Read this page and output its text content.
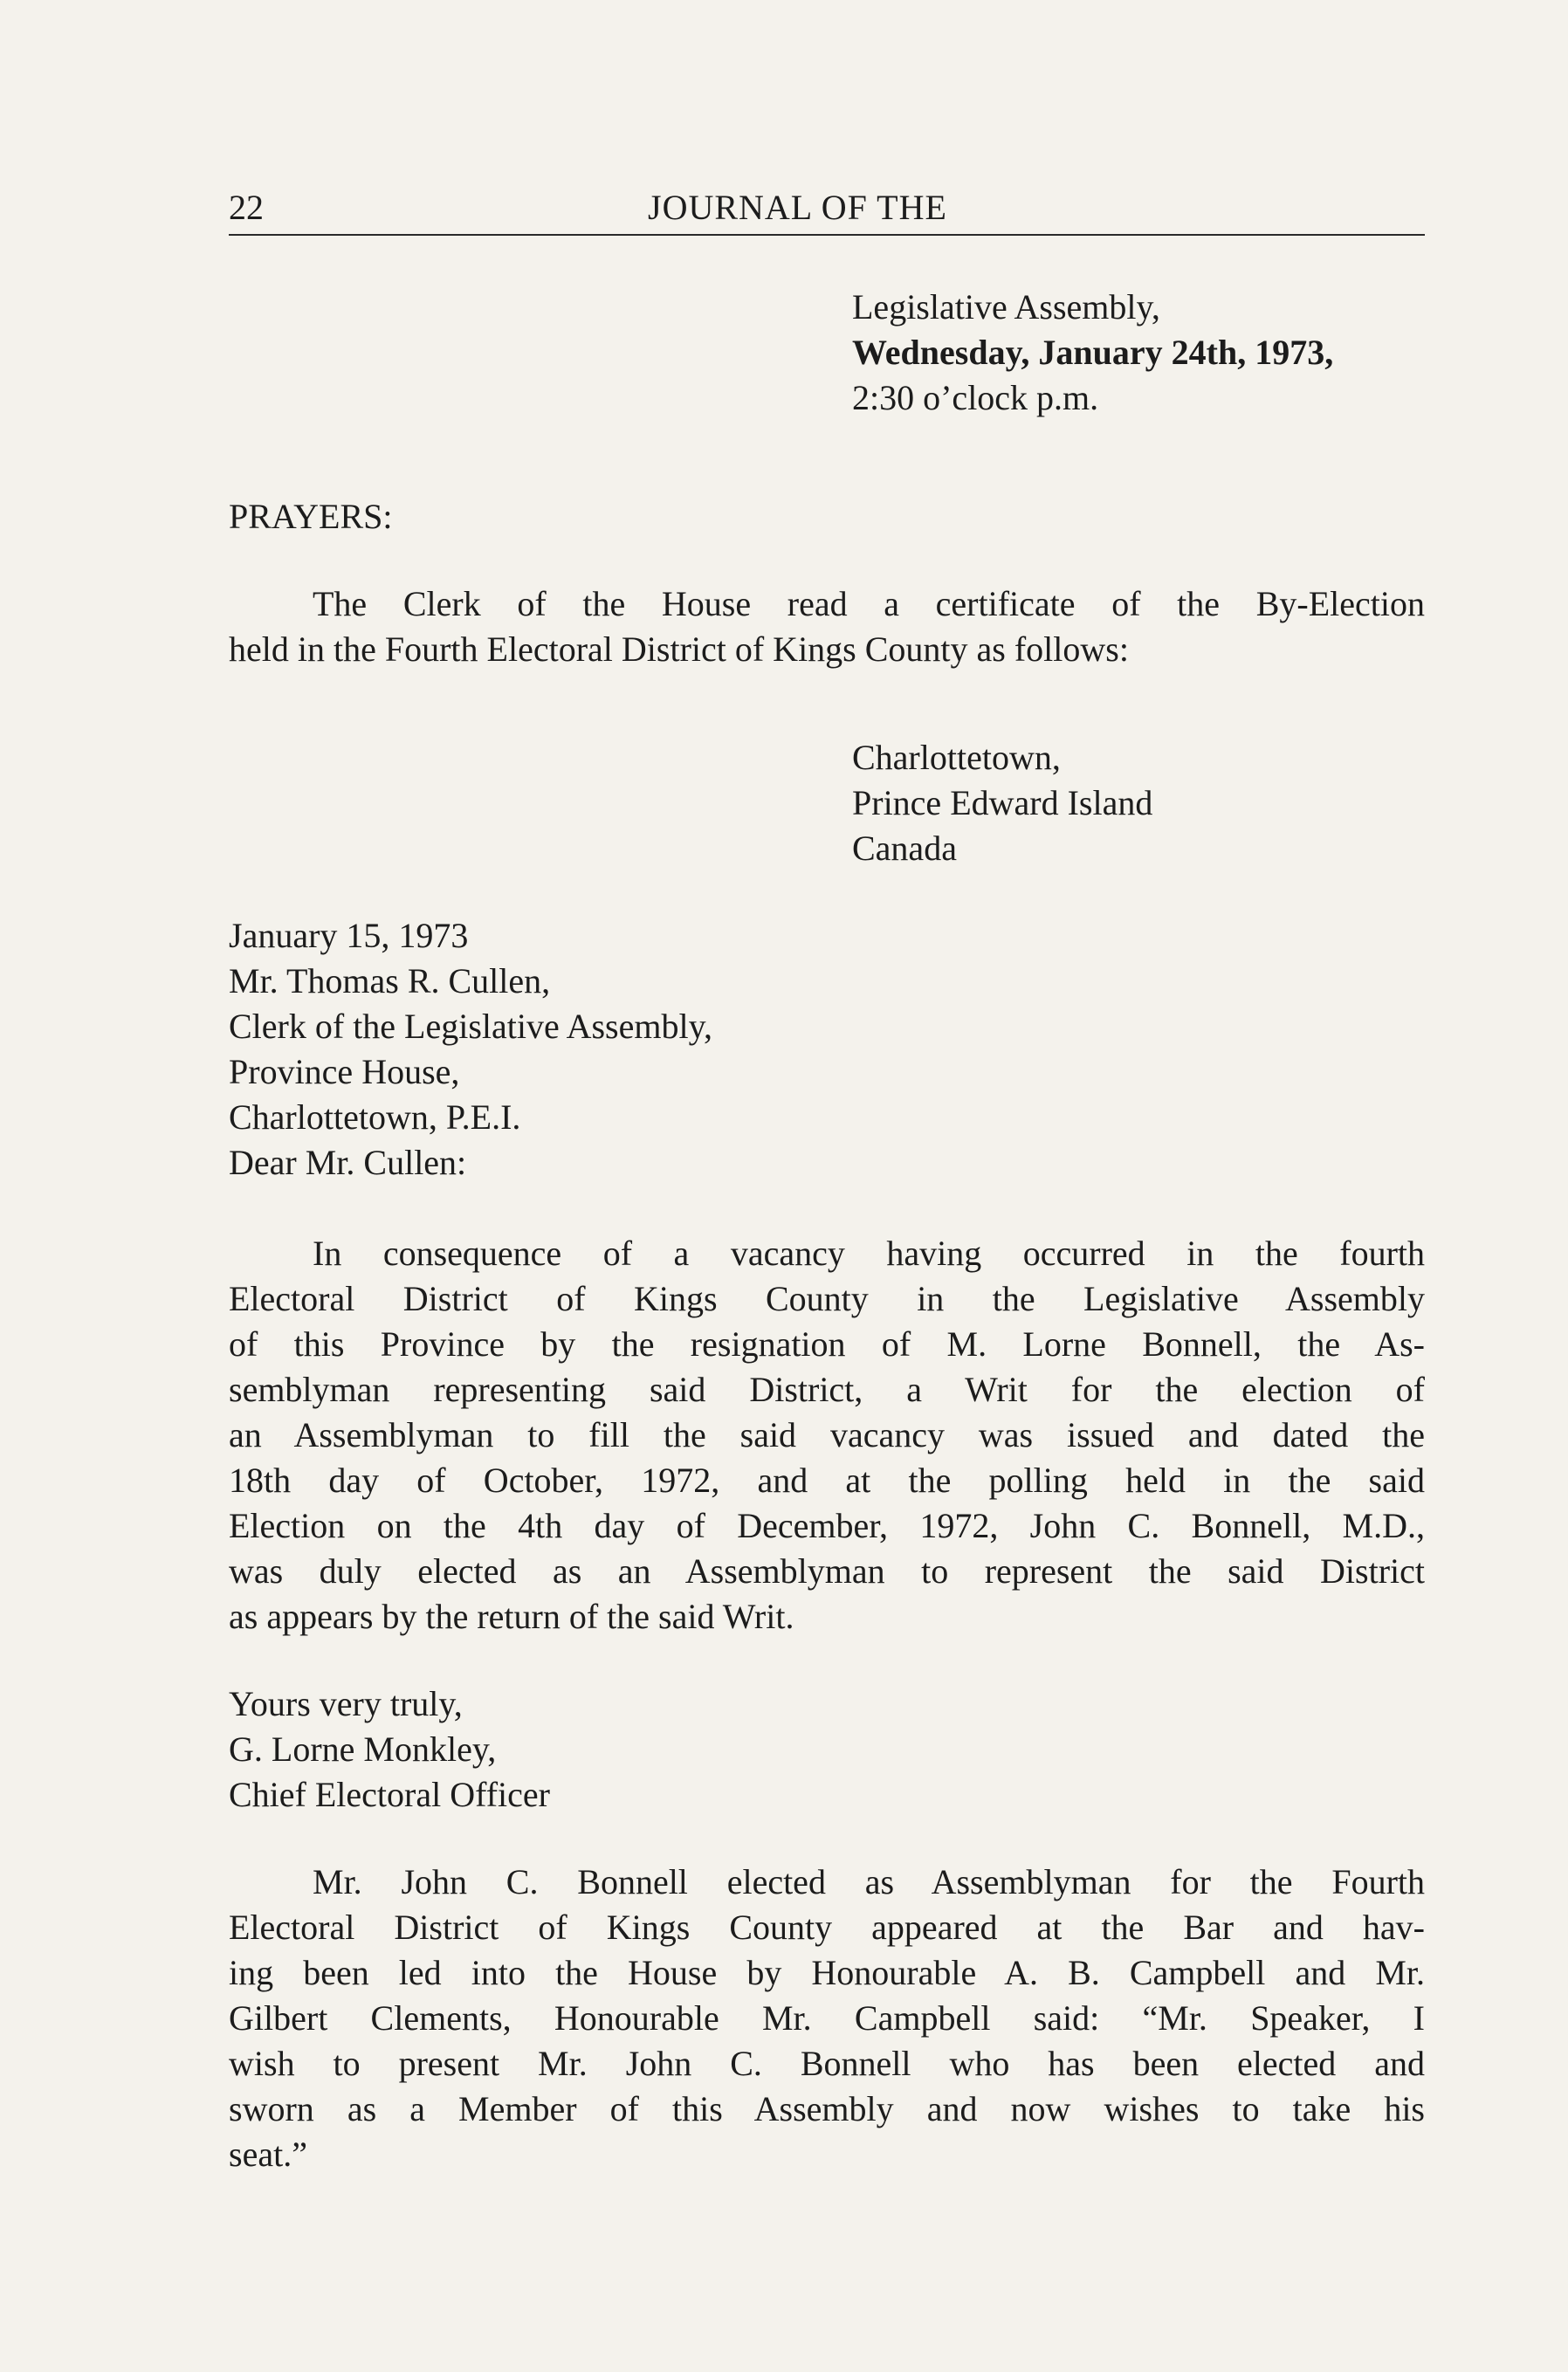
22	JOURNAL OF THE
Legislative Assembly,
Wednesday, January 24th, 1973,
2:30 o’clock p.m.
PRAYERS:
The Clerk of the House read a certificate of the By-Election
held in the Fourth Electoral District of Kings County as follows:
Charlottetown,
Prince Edward Island
Canada
January 15, 1973
Mr. Thomas R. Cullen,
Clerk of the Legislative Assembly,
Province House,
Charlottetown, P.E.I.
Dear Mr. Cullen:
In consequence of a vacancy having occurred in the fourth
Electoral District of Kings County in the Legislative Assembly
of this Province by the resignation of M. Lorne Bonnell, the As-
semblyman representing said District, a Writ for the election of
an Assemblyman to fill the said vacancy was issued and dated the
18th day of October, 1972, and at the polling held in the said
Election on the 4th day of December, 1972, John C. Bonnell, M.D.,
was duly elected as an Assemblyman to represent the said District
as appears by the return of the said Writ.
Yours very truly,
G. Lorne Monkley,
Chief Electoral Officer
Mr. John C. Bonnell elected as Assemblyman for the Fourth
Electoral District of Kings County appeared at the Bar and hav-
ing been led into the House by Honourable A. B. Campbell and Mr.
Gilbert Clements, Honourable Mr. Campbell said: “Mr. Speaker, I
wish to present Mr. John C. Bonnell who has been elected and
sworn as a Member of this Assembly and now wishes to take his
seat.”
